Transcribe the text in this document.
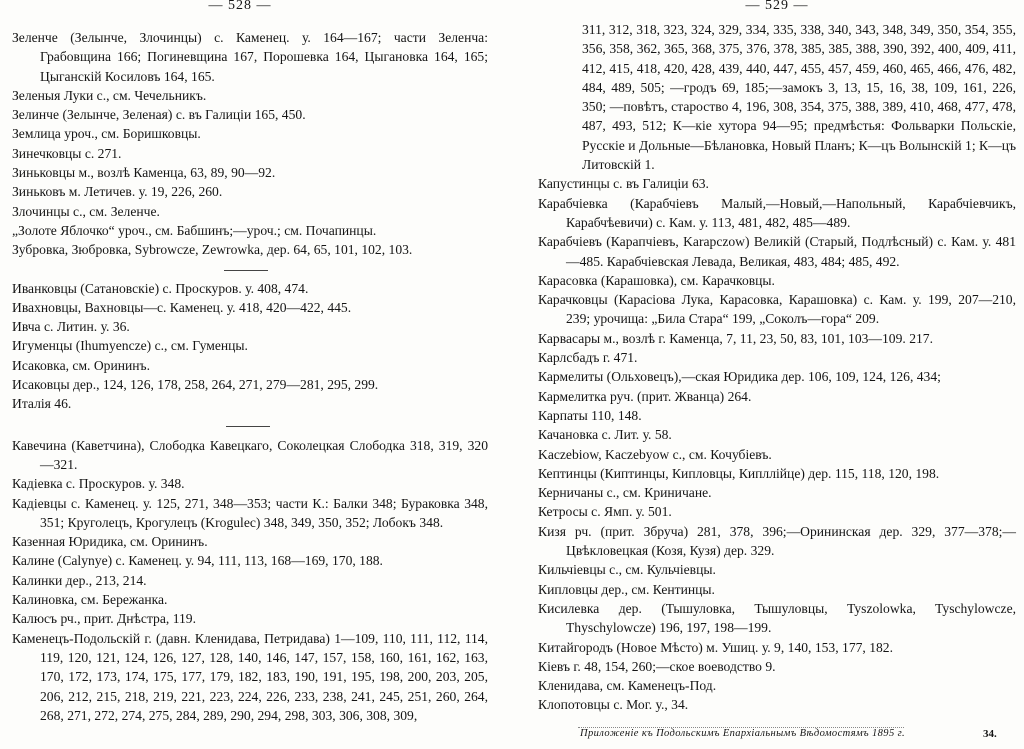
— 528 —
Зеленче (Зелынче, Злочинцы) с. Каменец. у. 164—167; части Зеленча: Грабовщина 166; Погиневщина 167, Порошевка 164, Цыгановка 164, 165; Цыганскій Косиловъ 164, 165.
Зеленыя Луки с., см. Чечельникъ.
Зелинче (Зелынче, Зеленая) с. въ Галиціи 165, 450.
Землица уроч., см. Боришковцы.
Зинечковцы с. 271.
Зиньковцы м., возлѣ Каменца, 63, 89, 90—92.
Зиньковъ м. Летичев. у. 19, 226, 260.
Злочинцы с., см. Зеленче.
„Золоте Яблочко“ уроч., см. Бабшинъ;—уроч.; см. Почапинцы.
Зубровка, Зюбровка, Sybrowcze, Zewrowka, дер. 64, 65, 101, 102, 103.
Иванковцы (Сатановскіе) с. Проскуров. у. 408, 474.
Ивахновцы, Вахновцы—с. Каменец. у. 418, 420—422, 445.
Ивча с. Литин. у. 36.
Игуменцы (Ihumyencze) с., см. Гуменцы.
Исаковка, см. Орининъ.
Исаковцы дер., 124, 126, 178, 258, 264, 271, 279—281, 295, 299.
Италія 46.
Кавечина (Каветчина), Слободка Кавецкаго, Соколецкая Слободка 318, 319, 320—321.
Кадіевка с. Проскуров. у. 348.
Кадіевцы с. Каменец. у. 125, 271, 348—353; части К.: Балки 348; Бураковка 348, 351; Круголецъ, Крогулецъ (Krogulec) 348, 349, 350, 352; Лобокъ 348.
Казенная Юридика, см. Орининъ.
Калине (Calynye) с. Каменец. у. 94, 111, 113, 168—169, 170, 188.
Калинки дер., 213, 214.
Калиновка, см. Бережанка.
Калюсъ рч., прит. Днѣстра, 119.
Каменецъ-Подольскій г. (давн. Кленидава, Петридава) 1—109, 110, 111, 112, 114, 119, 120, 121, 124, 126, 127, 128, 140, 146, 147, 157, 158, 160, 161, 162, 163, 170, 172, 173, 174, 175, 177, 179, 182, 183, 190, 191, 195, 198, 200, 203, 205, 206, 212, 215, 218, 219, 221, 223, 224, 226, 233, 238, 241, 245, 251, 260, 264, 268, 271, 272, 274, 275, 284, 289, 290, 294, 298, 303, 306, 308, 309,
— 529 —
311, 312, 318, 323, 324, 329, 334, 335, 338, 340, 343, 348, 349, 350, 354, 355, 356, 358, 362, 365, 368, 375, 376, 378, 385, 385, 388, 390, 392, 400, 409, 411, 412, 415, 418, 420, 428, 439, 440, 447, 455, 457, 459, 460, 465, 466, 476, 482, 484, 489, 505; —гродъ 69, 185;—замокъ 3, 13, 15, 16, 38, 109, 161, 226, 350; —повѣтъ, староство 4, 196, 308, 354, 375, 388, 389, 410, 468, 477, 478, 487, 493, 512; К—кіе хутора 94—95; предмѣстья: Фольварки Польскіе, Русскіе и Дольные—Бѣлановка, Новый Планъ; К—цъ Волынскій 1; К—цъ Литовскій 1.
Капустинцы с. въ Галиціи 63.
Карабчіевка (Карабчіевъ Малый,—Новый,—Напольный, Карабчіевчикъ, Карабчѣевичи) с. Кам. у. 113, 481, 482, 485—489.
Карабчіевъ (Карапчіевъ, Karapczow) Великій (Старый, Подлѣсный) с. Кам. у. 481—485. Карабчіевская Левада, Великая, 483, 484; 485, 492.
Карасовка (Карашовка), см. Карачковцы.
Карачковцы (Карасіова Лука, Карасовка, Карашовка) с. Кам. у. 199, 207—210, 239; урочища: „Била Стара“ 199, „Соколъ—гора“ 209.
Карвасары м., возлѣ г. Каменца, 7, 11, 23, 50, 83, 101, 103—109. 217.
Карлсбадъ г. 471.
Кармелиты (Ольховецъ),—ская Юридика дер. 106, 109, 124, 126, 434;
Кармелитка руч. (прит. Жванца) 264.
Карпаты 110, 148.
Качановка с. Лит. у. 58.
Kaczebiow, Kaczebyow с., см. Кочубіевъ.
Кептинцы (Киптинцы, Кипловцы, Кипллійце) дер. 115, 118, 120, 198.
Керничаны с., см. Криничане.
Кетросы с. Ямп. у. 501.
Кизя рч. (прит. Збруча) 281, 378, 396;—Орининская дер. 329, 377—378;—Цвѣкловецкая (Козя, Кузя) дер. 329.
Кильчіевцы с., см. Кульчіевцы.
Кипловцы дер., см. Кентинцы.
Кисилевка дер. (Тышуловка, Тышуловцы, Tyszolowka, Tyschylowcze, Thyschylowcze) 196, 197, 198—199.
Китайгородъ (Новое Мѣсто) м. Ушиц. у. 9, 140, 153, 177, 182.
Кіевъ г. 48, 154, 260;—ское воеводство 9.
Кленидава, см. Каменецъ-Под.
Клопотовцы с. Мог. у., 34.
Приложенiе къ Подольскимъ Епархiальнымъ Вѣдомостямъ 1895 г.	34.
